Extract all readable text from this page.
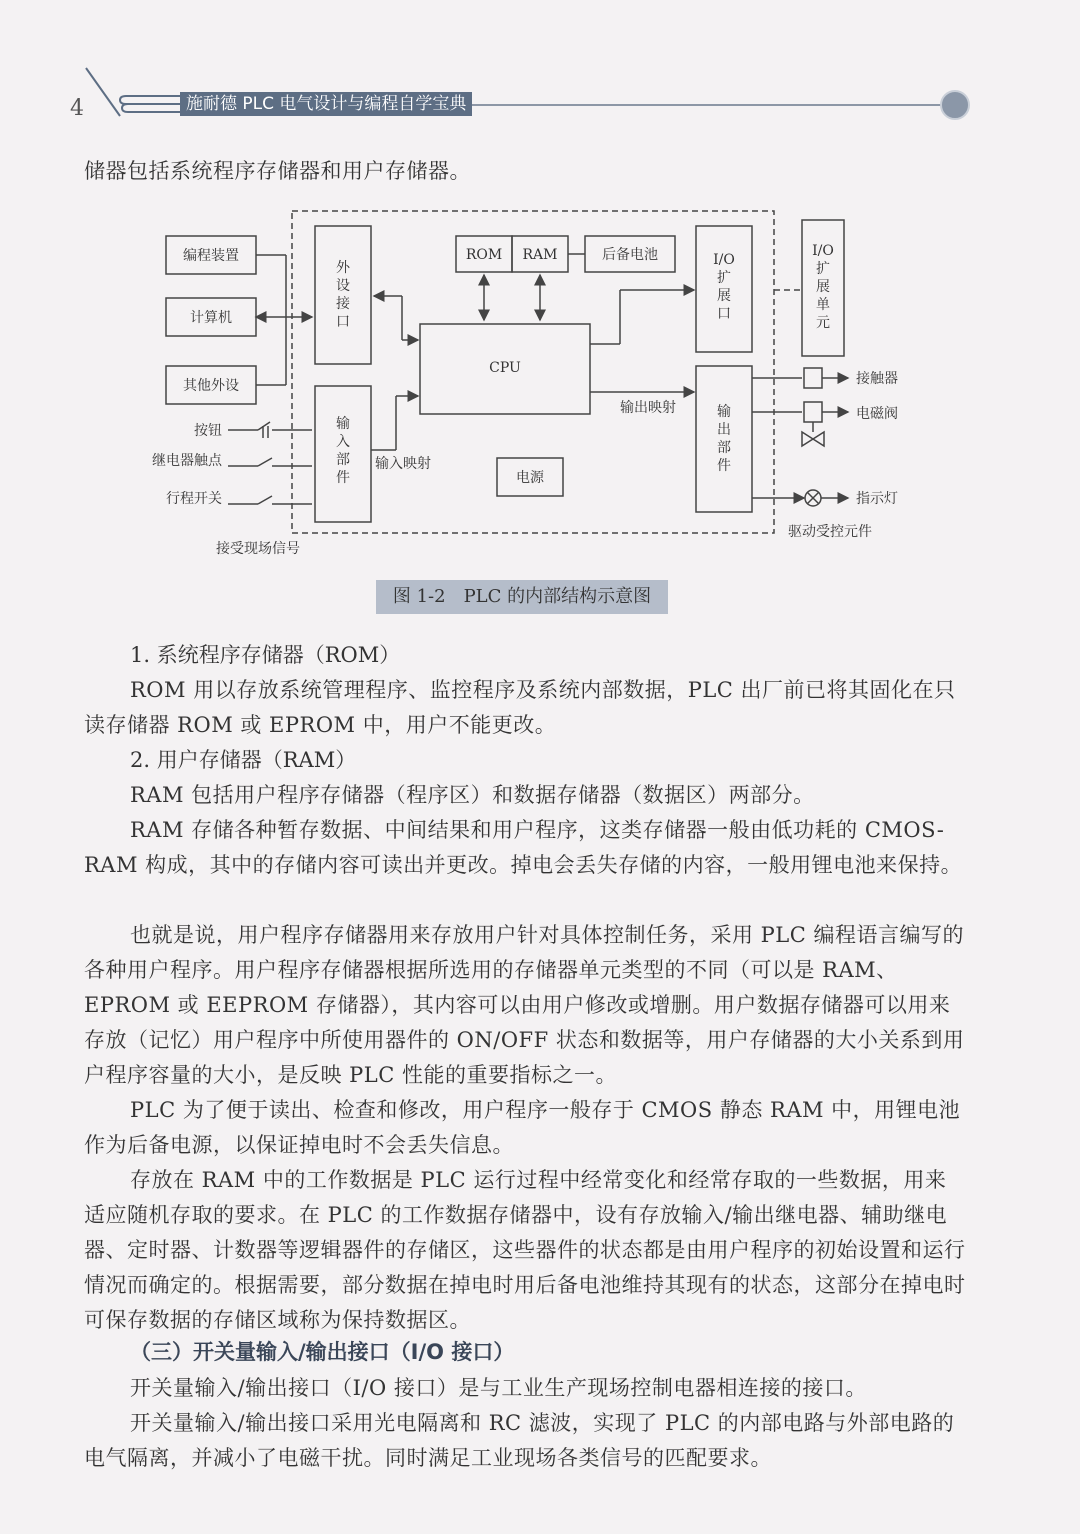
4	施耐德 PLC 电气设计与编程自学宝典

储器包括系统程序存储器和用户存储器。

编程装置
计算机
其他外设
ROM RAM	后备电池
CPU
电源
输入映射
输出映射
按钮
继电器触点
行程开关
接受现场信号
接触器
电磁阀
指示灯
驱动受控元件
外设接口
输入部件
I/O 扩展口
输出部件
I/O 扩展单元
图 1-2　PLC 的内部结构示意图

1. 系统程序存储器（ROM）

ROM 用以存放系统管理程序、监控程序及系统内部数据，PLC 出厂前已将其固化在只读存储器 ROM 或 EPROM 中，用户不能更改。

2. 用户存储器（RAM）

RAM 包括用户程序存储器（程序区）和数据存储器（数据区）两部分。

RAM 存储各种暂存数据、中间结果和用户程序，这类存储器一般由低功耗的 CMOS-RAM 构成，其中的存储内容可读出并更改。掉电会丢失存储的内容，一般用锂电池来保持。

也就是说，用户程序存储器用来存放用户针对具体控制任务，采用 PLC 编程语言编写的各种用户程序。用户程序存储器根据所选用的存储器单元类型的不同（可以是 RAM、EPROM 或 EEPROM 存储器），其内容可以由用户修改或增删。用户数据存储器可以用来存放（记忆）用户程序中所使用器件的 ON/OFF 状态和数据等，用户存储器的大小关系到用户程序容量的大小，是反映 PLC 性能的重要指标之一。

PLC 为了便于读出、检查和修改，用户程序一般存于 CMOS 静态 RAM 中，用锂电池作为后备电源，以保证掉电时不会丢失信息。

存放在 RAM 中的工作数据是 PLC 运行过程中经常变化和经常存取的一些数据，用来适应随机存取的要求。在 PLC 的工作数据存储器中，设有存放输入/输出继电器、辅助继电器、定时器、计数器等逻辑器件的存储区，这些器件的状态都是由用户程序的初始设置和运行情况而确定的。根据需要，部分数据在掉电时用后备电池维持其现有的状态，这部分在掉电时可保存数据的存储区域称为保持数据区。

（三）开关量输入/输出接口（I/O 接口）

开关量输入/输出接口（I/O 接口）是与工业生产现场控制电器相连接的接口。

开关量输入/输出接口采用光电隔离和 RC 滤波，实现了 PLC 的内部电路与外部电路的电气隔离，并减小了电磁干扰。同时满足工业现场各类信号的匹配要求。
